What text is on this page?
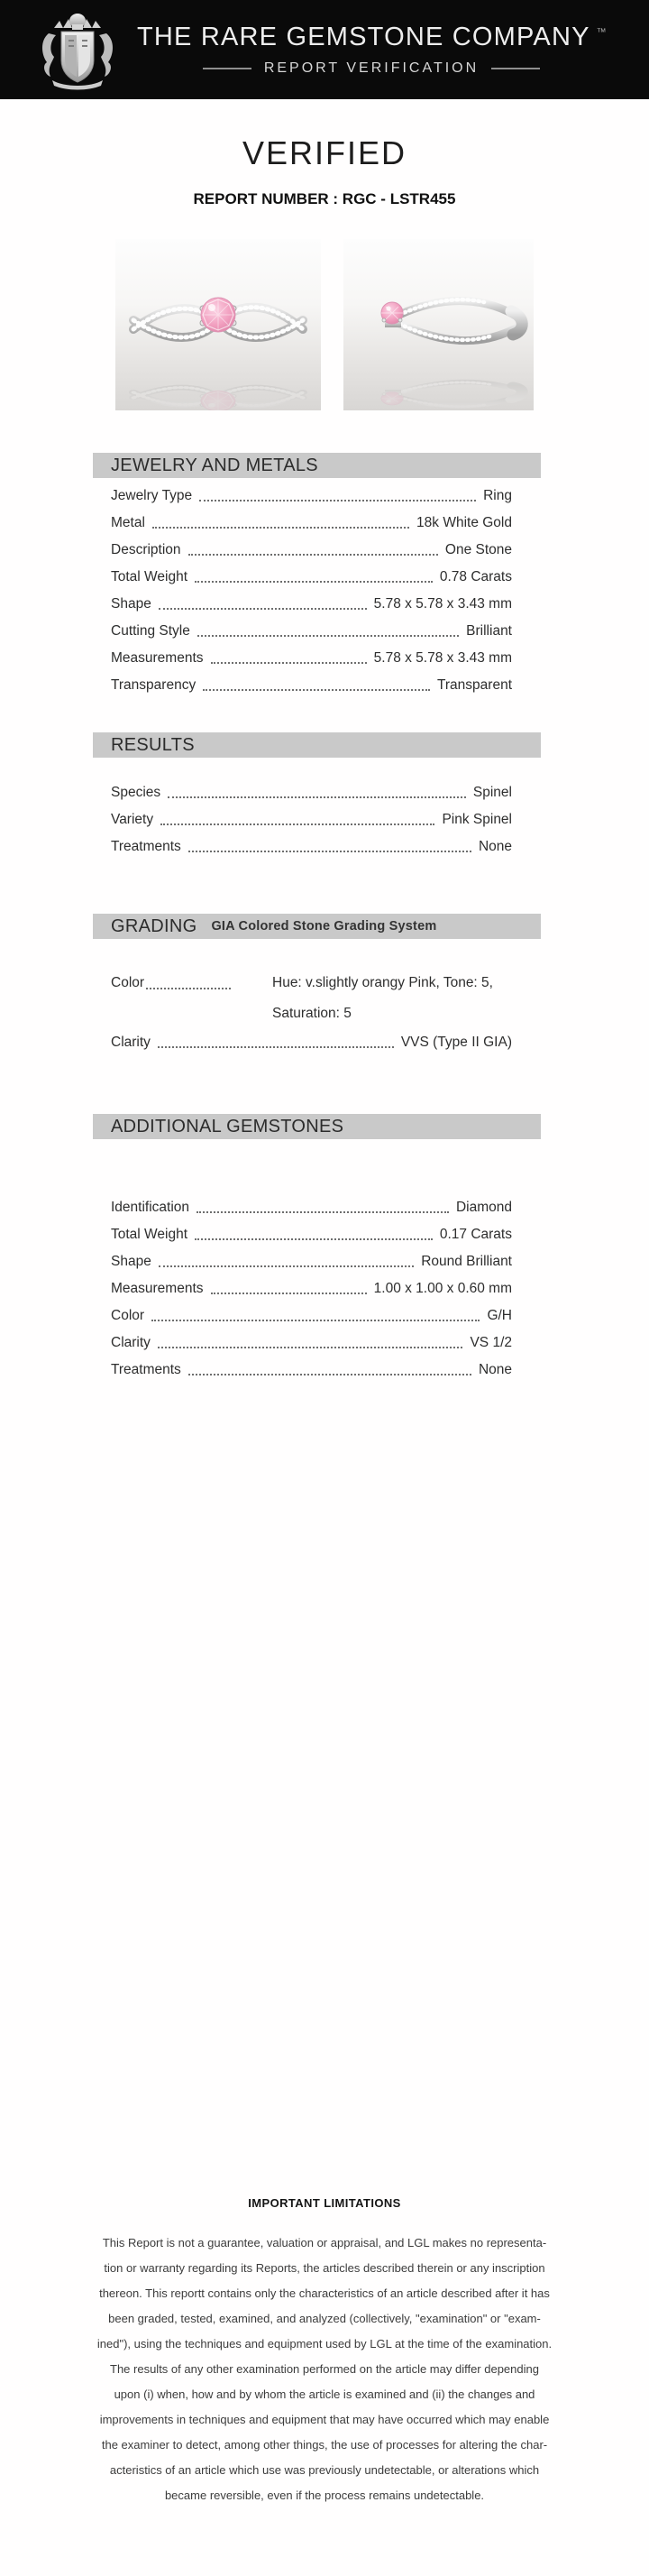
THE RARE GEMSTONE COMPANY ™
REPORT VERIFICATION
VERIFIED
REPORT NUMBER : RGC - LSTR455
JEWELRY AND METALS
Jewelry Type	Ring
Metal	18k White Gold
Description	One Stone
Total Weight	0.78 Carats
Shape	5.78 x 5.78 x 3.43 mm
Cutting Style	Brilliant
Measurements	5.78 x 5.78 x 3.43 mm
Transparency	Transparent
RESULTS
Species	Spinel
Variety	Pink Spinel
Treatments	None
GRADING GIA Colored Stone Grading System
Color	Hue: v.slightly orangy Pink, Tone: 5,
Saturation: 5
Clarity	VVS (Type II GIA)
ADDITIONAL GEMSTONES
Identification	Diamond
Total Weight	0.17 Carats
Shape	Round Brilliant
Measurements	1.00 x 1.00 x 0.60 mm
Color	G/H
Clarity	VS 1/2
Treatments	None
IMPORTANT LIMITATIONS
This Report is not a guarantee, valuation or appraisal, and LGL makes no representa-
tion or warranty regarding its Reports, the articles described therein or any inscription
thereon. This reportt contains only the characteristics of an article described after it has
been graded, tested, examined, and analyzed (collectively, "examination" or "exam-
ined"), using the techniques and equipment used by LGL at the time of the examination.
The results of any other examination performed on the article may differ depending
upon (i) when, how and by whom the article is examined and (ii) the changes and
improvements in techniques and equipment that may have occurred which may enable
the examiner to detect, among other things, the use of processes for altering the char-
acteristics of an article which use was previously undetectable, or alterations which
became reversible, even if the process remains undetectable.
